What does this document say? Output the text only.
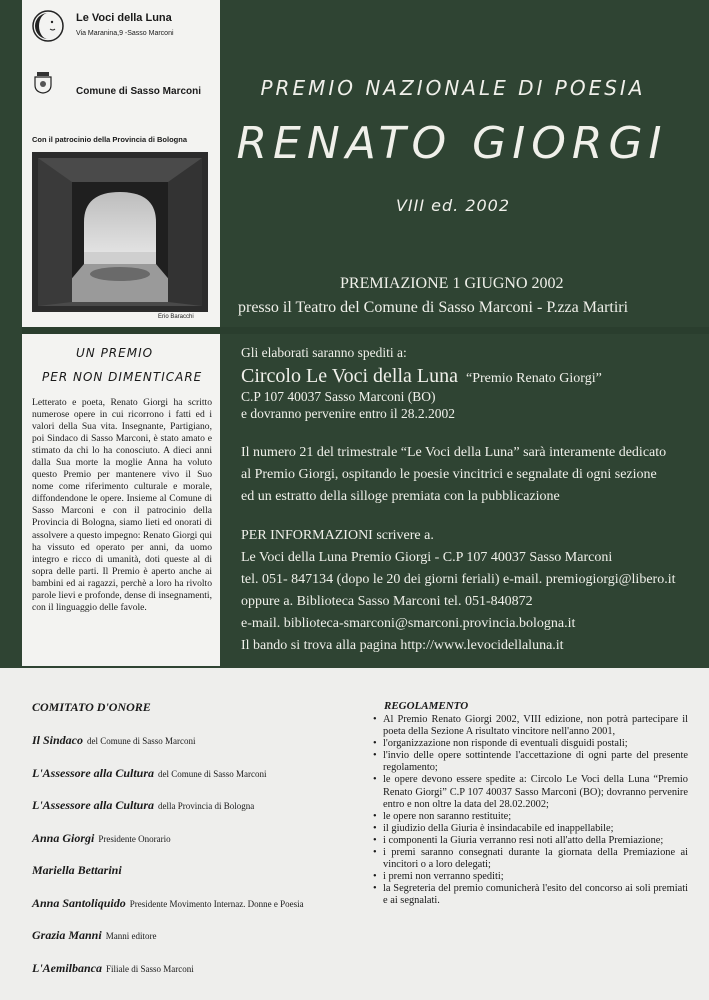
Le Voci della Luna
Via Maranina,9 -Sasso Marconi
Comune di Sasso Marconi
Con il patrocinio della Provincia di Bologna
Erio Baracchi
UN PREMIO
PER NON DIMENTICARE
Letterato e poeta, Renato Giorgi ha scritto numerose opere in cui ricorrono i fatti ed i valori della Sua vita. Insegnante, Partigiano, poi Sindaco di Sasso Marconi, è stato amato e stimato da chi lo ha conosciuto. A dieci anni dalla Sua morte la moglie Anna ha voluto questo Premio per mantenere vivo il Suo nome come riferimento culturale e morale, diffondendone le opere. Insieme al Comune di Sasso Marconi e con il patrocinio della Provincia di Bologna, siamo lieti ed onorati di assolvere a questo impegno: Renato Giorgi qui ha vissuto ed operato per anni, da uomo integro e ricco di umanità, doti queste al di sopra delle parti. Il Premio è aperto anche ai bambini ed ai ragazzi, perchè a loro ha rivolto parole lievi e profonde, dense di insegnamenti, con il linguaggio delle favole.
PREMIO NAZIONALE DI POESIA
RENATO GIORGI
VIII ed. 2002
PREMIAZIONE 1 GIUGNO 2002
presso il Teatro del Comune di Sasso Marconi - P.zza Martiri
Gli elaborati saranno spediti a:
Circolo Le Voci della Luna “Premio Renato Giorgi”
C.P 107 40037 Sasso Marconi (BO)
e dovranno pervenire entro il 28.2.2002
Il numero 21 del trimestrale “Le Voci della Luna” sarà interamente dedicato
al Premio Giorgi, ospitando le poesie vincitrici e segnalate di ogni sezione
ed un estratto della silloge premiata con la pubblicazione
PER INFORMAZIONI scrivere a.
Le Voci della Luna Premio Giorgi - C.P 107 40037 Sasso Marconi
tel. 051- 847134 (dopo le 20 dei giorni feriali) e-mail. premiogiorgi@libero.it
oppure a. Biblioteca Sasso Marconi tel. 051-840872
e-mail. biblioteca-smarconi@smarconi.provincia.bologna.it
Il bando si trova alla pagina http://www.levocidellaluna.it
COMITATO D'ONORE
Il Sindaco del Comune di Sasso Marconi
L'Assessore alla Cultura del Comune di Sasso Marconi
L'Assessore alla Cultura della Provincia di Bologna
Anna Giorgi Presidente Onorario
Mariella Bettarini
Anna Santoliquido Presidente Movimento Internaz. Donne e Poesia
Grazia Manni Manni editore
L'Aemilbanca Filiale di Sasso Marconi
REGOLAMENTO
• Al Premio Renato Giorgi 2002, VIII edizione, non potrà partecipare il poeta della Sezione A risultato vincitore nell'anno 2001,
• l'organizzazione non risponde di eventuali disguidi postali;
• l'invio delle opere sottintende l'accettazione di ogni parte del presente regolamento;
• le opere devono essere spedite a: Circolo Le Voci della Luna “Premio Renato Giorgi” C.P 107 40037 Sasso Marconi (BO); dovranno pervenire entro e non oltre la data del 28.02.2002;
• le opere non saranno restituite;
• il giudizio della Giuria è insindacabile ed inappellabile;
• i componenti la Giuria verranno resi noti all'atto della Premiazione;
• i premi saranno consegnati durante la giornata della Premiazione ai vincitori o a loro delegati;
• i premi non verranno spediti;
• la Segreteria del premio comunicherà l'esito del concorso ai soli premiati e ai segnalati.
